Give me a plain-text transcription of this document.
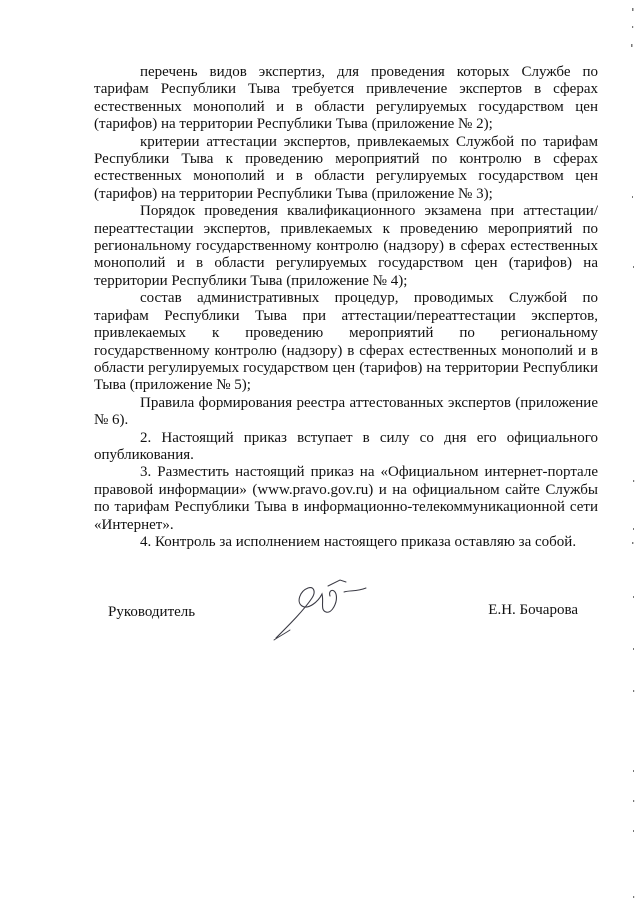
перечень видов экспертиз, для проведения которых Службе по тарифам Республики Тыва требуется привлечение экспертов в сферах естественных монополий и в области регулируемых государством цен (тарифов) на территории Республики Тыва (приложение № 2);

критерии аттестации экспертов, привлекаемых Службой по тарифам Республики Тыва к проведению мероприятий по контролю в сферах естественных монополий и в области регулируемых государством цен (тарифов) на территории Республики Тыва (приложение № 3);

Порядок проведения квалификационного экзамена при аттестации/переаттестации экспертов, привлекаемых к проведению мероприятий по региональному государственному контролю (надзору) в сферах естественных монополий и в области регулируемых государством цен (тарифов) на территории Республики Тыва (приложение № 4);

состав административных процедур, проводимых Службой по тарифам Республики Тыва при аттестации/переаттестации экспертов, привлекаемых к проведению мероприятий по региональному государственному контролю (надзору) в сферах естественных монополий и в области регулируемых государством цен (тарифов) на территории Республики Тыва (приложение № 5);

Правила формирования реестра аттестованных экспертов (приложение № 6).

2. Настоящий приказ вступает в силу со дня его официального опубликования.

3. Разместить настоящий приказ на «Официальном интернет-портале правовой информации» (www.pravo.gov.ru) и на официальном сайте Службы по тарифам Республики Тыва в информационно-телекоммуникационной сети «Интернет».

4. Контроль за исполнением настоящего приказа оставляю за собой.

Руководитель	Е.Н. Бочарова
